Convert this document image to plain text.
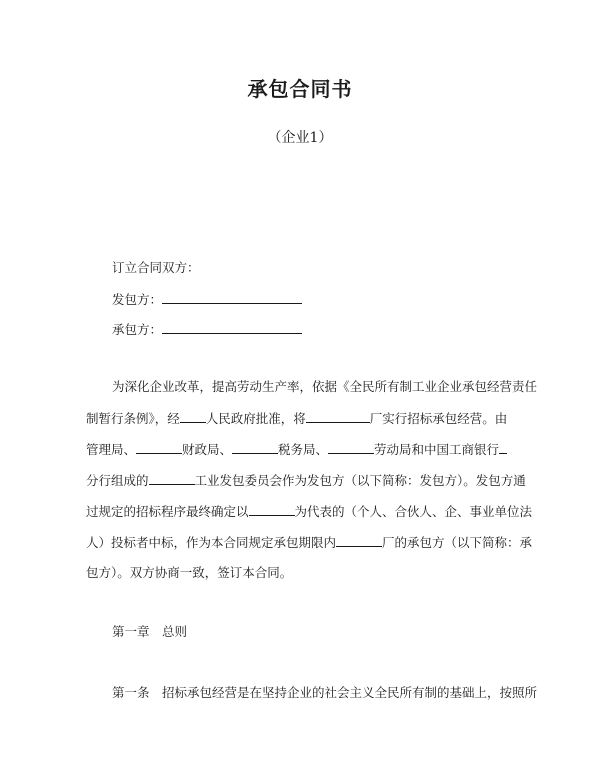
承包合同书
（企业1）
订立合同双方：
发包方：
承包方：
为深化企业改革，提高劳动生产率，依据《全民所有制工业企业承包经营责任
制暂行条例》，经 人民政府批准，将	厂实行招标承包经营。由
管理局、	财政局、	税务局、	劳动局和中国工商银行
分行组成的	工业发包委员会作为发包方（以下简称：发包方）。发包方通
过规定的招标程序最终确定以	为代表的（个人、合伙人、企、事业单位法
人）投标者中标，作为本合同规定承包期限内	厂的承包方（以下简称：承
包方）。双方协商一致，签订本合同。
第一章　总则
第一条　招标承包经营是在坚持企业的社会主义全民所有制的基础上，按照所
